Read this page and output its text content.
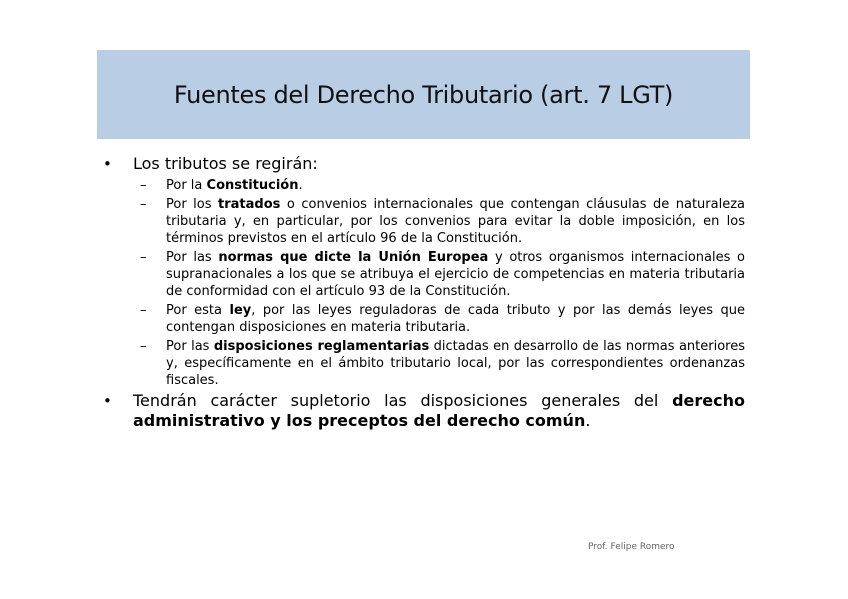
Fuentes del Derecho Tributario (art. 7 LGT)
• Los tributos se regirán:
– Por la Constitución.
– Por los tratados o convenios internacionales que contengan cláusulas de naturaleza tributaria y, en particular, por los convenios para evitar la doble imposición, en los términos previstos en el artículo 96 de la Constitución.
– Por las normas que dicte la Unión Europea y otros organismos internacionales o supranacionales a los que se atribuya el ejercicio de competencias en materia tributaria de conformidad con el artículo 93 de la Constitución.
– Por esta ley, por las leyes reguladoras de cada tributo y por las demás leyes que contengan disposiciones en materia tributaria.
– Por las disposiciones reglamentarias dictadas en desarrollo de las normas anteriores y, específicamente en el ámbito tributario local, por las correspondientes ordenanzas fiscales.
• Tendrán carácter supletorio las disposiciones generales del derecho administrativo y los preceptos del derecho común.
Prof. Felipe Romero
